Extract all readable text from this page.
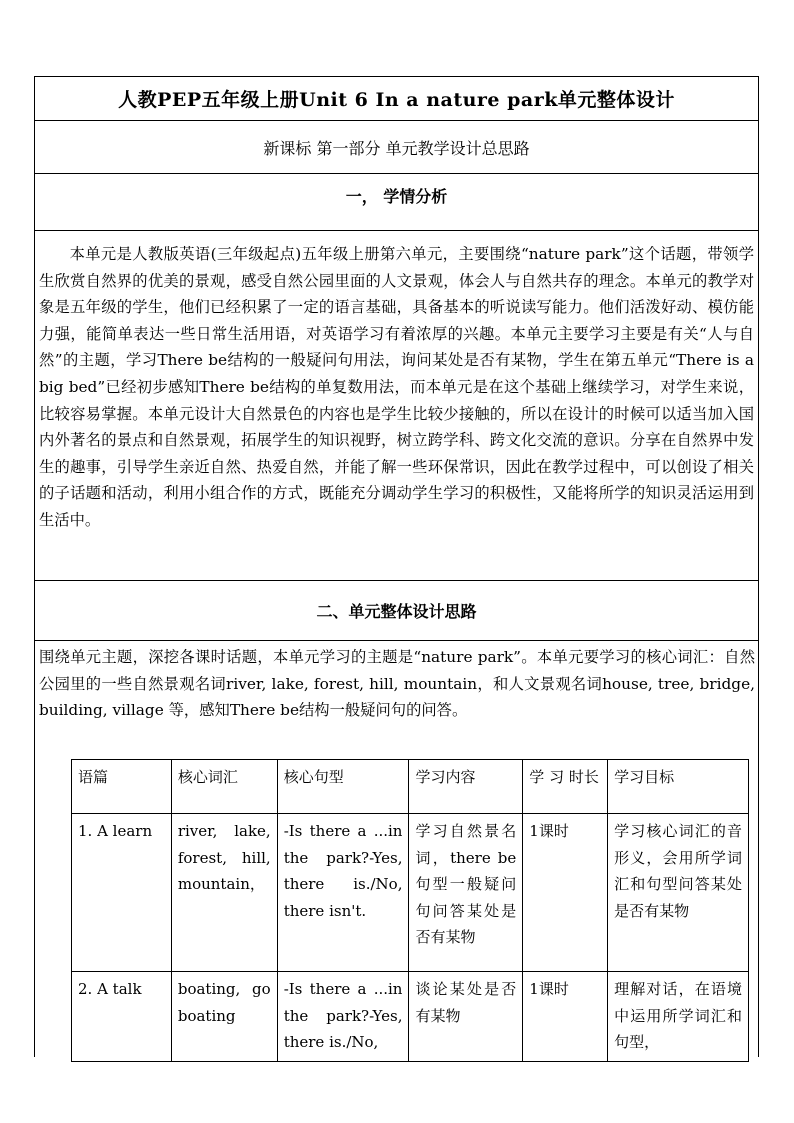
人教PEP五年级上册Unit 6 In a nature park单元整体设计
新课标 第一部分 单元教学设计总思路
一， 学情分析
本单元是人教版英语(三年级起点)五年级上册第六单元，主要围绕“nature park”这个话题，带领学生欣赏自然界的优美的景观，感受自然公园里面的人文景观，体会人与自然共存的理念。本单元的教学对象是五年级的学生，他们已经积累了一定的语言基础，具备基本的听说读写能力。他们活泼好动、模仿能力强，能简单表达一些日常生活用语，对英语学习有着浓厚的兴趣。本单元主要学习主要是有关“人与自然”的主题，学习There be结构的一般疑问句用法，询问某处是否有某物，学生在第五单元“There is a big bed”已经初步感知There be结构的单复数用法，而本单元是在这个基础上继续学习，对学生来说，比较容易掌握。本单元设计大自然景色的内容也是学生比较少接触的，所以在设计的时候可以适当加入国内外著名的景点和自然景观，拓展学生的知识视野，树立跨学科、跨文化交流的意识。分享在自然界中发生的趣事，引导学生亲近自然、热爱自然，并能了解一些环保常识，因此在教学过程中，可以创设了相关的子话题和活动，利用小组合作的方式，既能充分调动学生学习的积极性，又能将所学的知识灵活运用到生活中。
二、单元整体设计思路
围绕单元主题，深挖各课时话题，本单元学习的主题是“nature park”。本单元要学习的核心词汇：自然公园里的一些自然景观名词river, lake, forest, hill, mountain，和人文景观名词house, tree, bridge, building, village 等，感知There be结构一般疑问句的问答。
语篇	核心词汇	核心句型	学习内容	学 习 时长	学习目标
1. A learn	river, lake, forest, hill, mountain，	-Is there a ...in the park?-Yes, there is./No, there isn't.	学习自然景名词，there be句型一般疑问句问答某处是否有某物	1课时	学习核心词汇的音形义，会用所学词汇和句型问答某处是否有某物
2. A talk	boating, go boating	-Is there a ...in the park?-Yes, there is./No,	谈论某处是否有某物	1课时	理解对话，在语境中运用所学词汇和句型，
